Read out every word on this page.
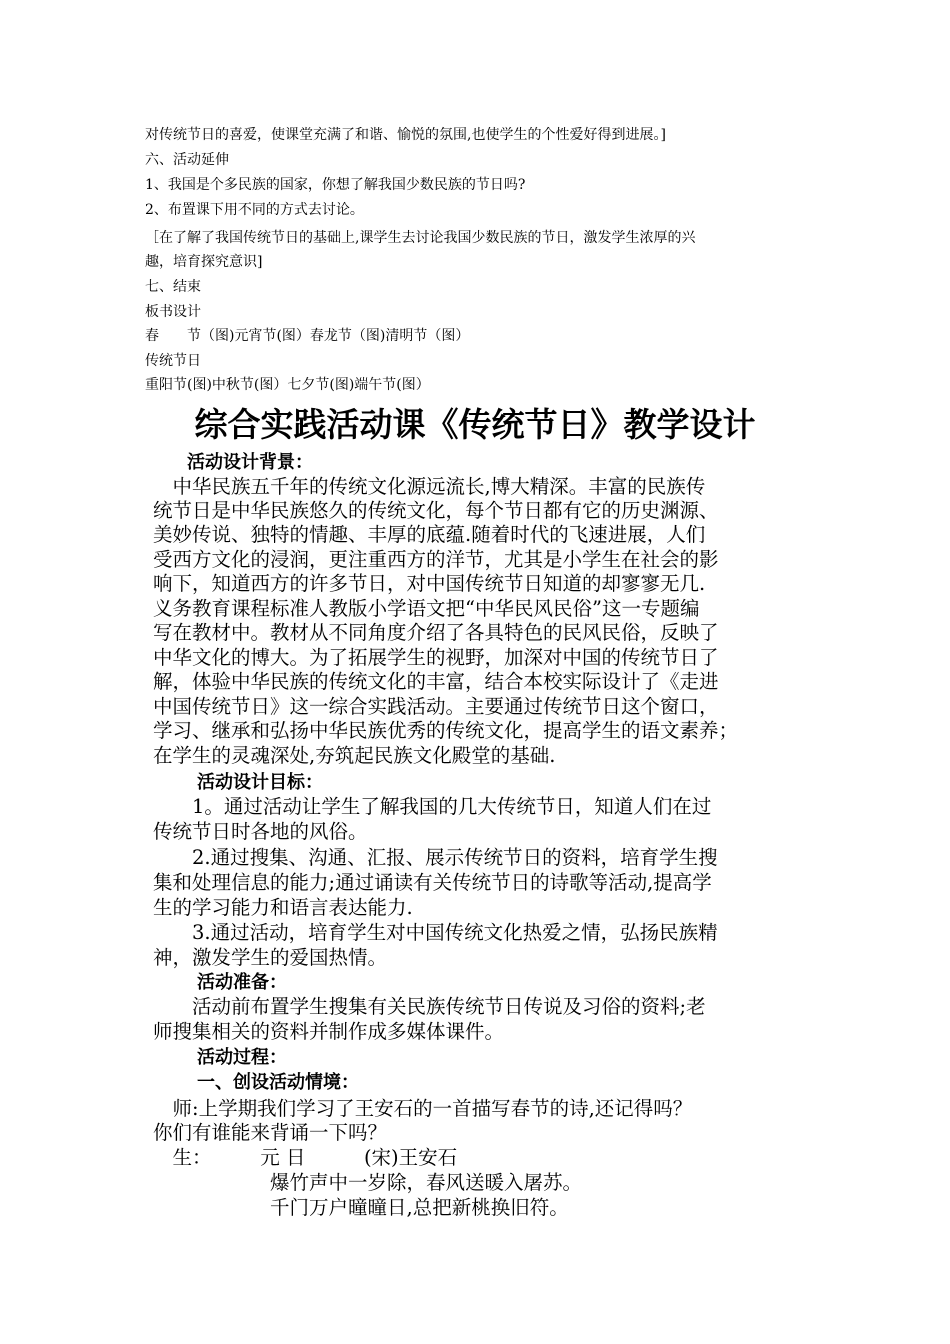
对传统节日的喜爱，使课堂充满了和谐、愉悦的氛围,也使学生的个性爱好得到进展。]
六、活动延伸
1、我国是个多民族的国家，你想了解我国少数民族的节日吗?
2、布置课下用不同的方式去讨论。
［在了解了我国传统节日的基础上,课学生去讨论我国少数民族的节日，激发学生浓厚的兴
趣，培育探究意识]
七、结束
板书设计
春　　节（图)元宵节(图）春龙节（图)清明节（图）
传统节日
重阳节(图)中秋节(图）七夕节(图)端午节(图）
综合实践活动课《传统节日》教学设计
活动设计背景：
　中华民族五千年的传统文化源远流长,博大精深。丰富的民族传
统节日是中华民族悠久的传统文化，每个节日都有它的历史渊源、
美妙传说、独特的情趣、丰厚的底蕴.随着时代的飞速进展，人们
受西方文化的浸润，更注重西方的洋节，尤其是小学生在社会的影
响下，知道西方的许多节日，对中国传统节日知道的却寥寥无几.
义务教育课程标准人教版小学语文把“中华民风民俗”这一专题编
写在教材中。教材从不同角度介绍了各具特色的民风民俗，反映了
中华文化的博大。为了拓展学生的视野，加深对中国的传统节日了
解，体验中华民族的传统文化的丰富，结合本校实际设计了《走进
中国传统节日》这一综合实践活动。主要通过传统节日这个窗口，
学习、继承和弘扬中华民族优秀的传统文化，提高学生的语文素养；
在学生的灵魂深处,夯筑起民族文化殿堂的基础.
活动设计目标：
　　1。通过活动让学生了解我国的几大传统节日，知道人们在过
传统节日时各地的风俗。
　　2.通过搜集、沟通、汇报、展示传统节日的资料，培育学生搜
集和处理信息的能力;通过诵读有关传统节日的诗歌等活动,提高学
生的学习能力和语言表达能力.
　　3.通过活动，培育学生对中国传统文化热爱之情，弘扬民族精
神，激发学生的爱国热情。
活动准备：
　　活动前布置学生搜集有关民族传统节日传说及习俗的资料;老
师搜集相关的资料并制作成多媒体课件。
活动过程：
一、创设活动情境：
　师:上学期我们学习了王安石的一首描写春节的诗,还记得吗？
你们有谁能来背诵一下吗？
　生：　　　元 日　　　(宋)王安石
　　　　　　爆竹声中一岁除，春风送暖入屠苏。
　　　　　　千门万户曈曈日,总把新桃换旧符。
